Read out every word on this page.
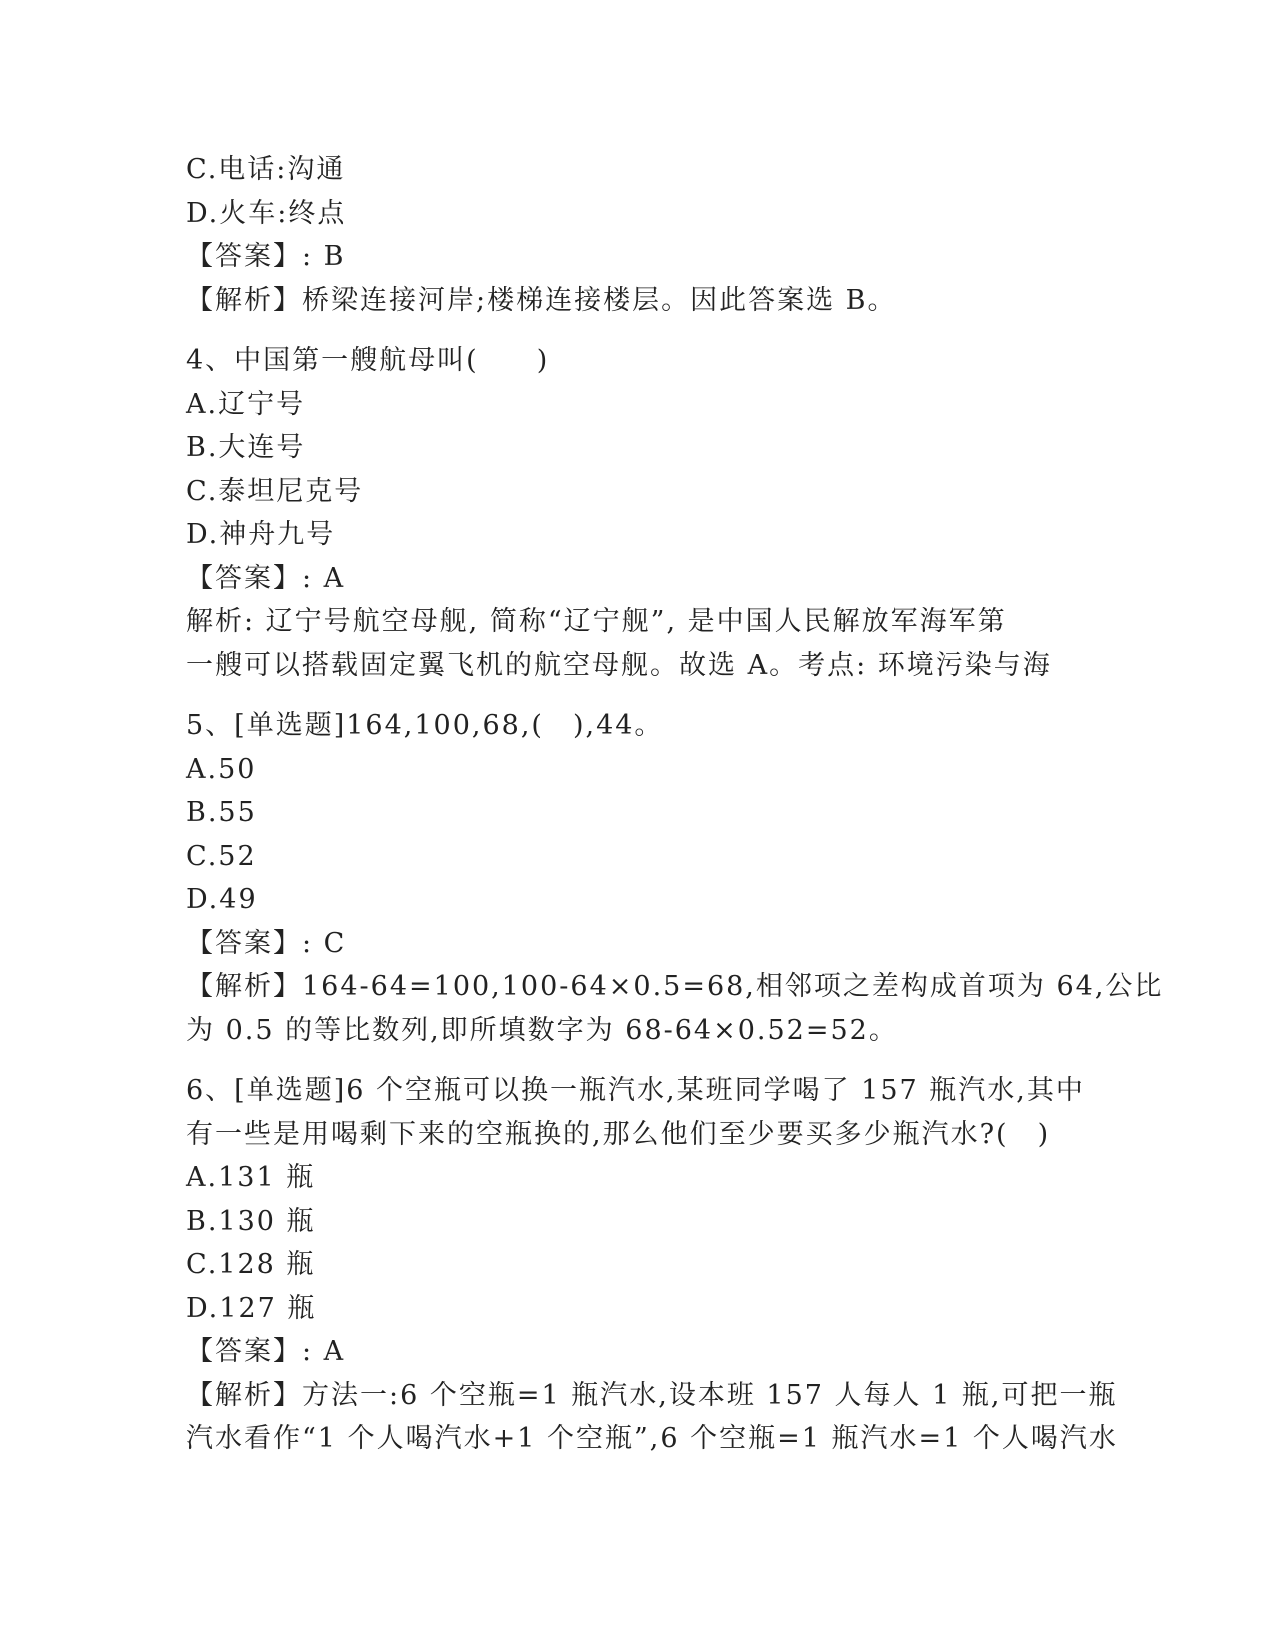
C.电话:沟通
D.火车:终点
【答案】: B
【解析】桥梁连接河岸;楼梯连接楼层。因此答案选 B。
4、中国第一艘航母叫(　　)
A.辽宁号
B.大连号
C.泰坦尼克号
D.神舟九号
【答案】: A
解析: 辽宁号航空母舰, 简称“辽宁舰”, 是中国人民解放军海军第
一艘可以搭载固定翼飞机的航空母舰。故选 A。考点: 环境污染与海
5、[单选题]164,100,68,(　),44。
A.50
B.55
C.52
D.49
【答案】: C
【解析】164-64=100,100-64×0.5=68,相邻项之差构成首项为 64,公比
为 0.5 的等比数列,即所填数字为 68-64×0.52=52。
6、[单选题]6 个空瓶可以换一瓶汽水,某班同学喝了 157 瓶汽水,其中
有一些是用喝剩下来的空瓶换的,那么他们至少要买多少瓶汽水?(　)
A.131 瓶
B.130 瓶
C.128 瓶
D.127 瓶
【答案】: A
【解析】方法一:6 个空瓶=1 瓶汽水,设本班 157 人每人 1 瓶,可把一瓶
汽水看作“1 个人喝汽水+1 个空瓶”,6 个空瓶=1 瓶汽水=1 个人喝汽水
